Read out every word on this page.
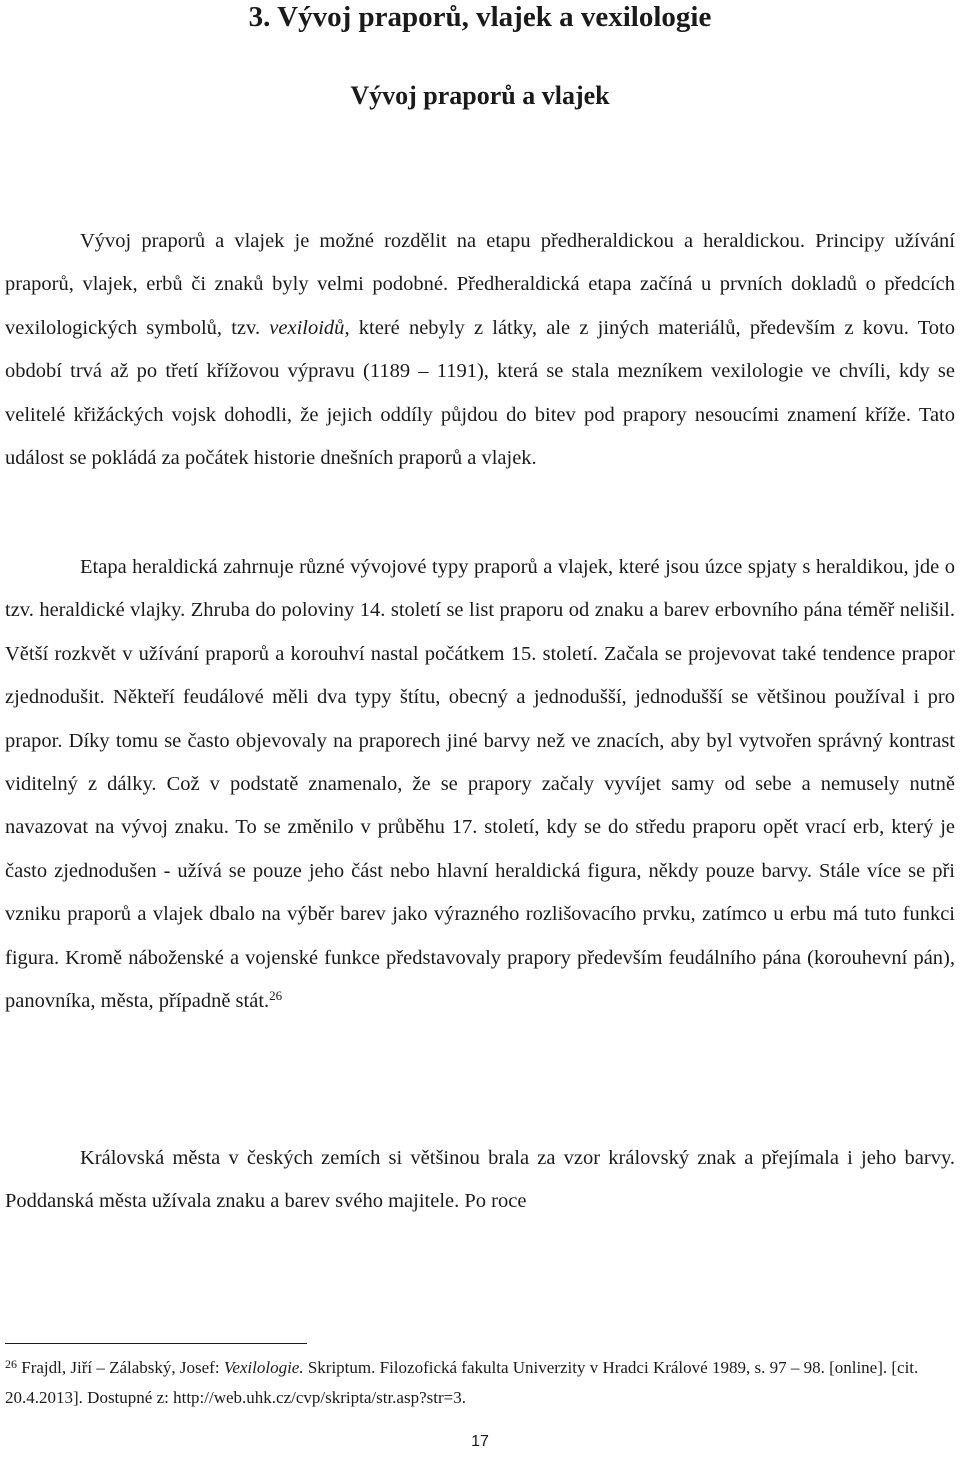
3. Vývoj praporů, vlajek a vexilologie
Vývoj praporů a vlajek

Vývoj praporů a vlajek je možné rozdělit na etapu předheraldickou a heraldickou. Principy užívání praporů, vlajek, erbů či znaků byly velmi podobné. Předheraldická etapa začíná u prvních dokladů o předcích vexilologických symbolů, tzv. vexiloidů, které nebyly z látky, ale z jiných materiálů, především z kovu. Toto období trvá až po třetí křížovou výpravu (1189 – 1191), která se stala mezníkem vexilologie ve chvíli, kdy se velitelé křižáckých vojsk dohodli, že jejich oddíly půjdou do bitev pod prapory nesoucími znamení kříže. Tato událost se pokládá za počátek historie dnešních praporů a vlajek.

Etapa heraldická zahrnuje různé vývojové typy praporů a vlajek, které jsou úzce spjaty s heraldikou, jde o tzv. heraldické vlajky. Zhruba do poloviny 14. století se list praporu od znaku a barev erbovního pána téměř nelišil. Větší rozkvět v užívání praporů a korouhví nastal počátkem 15. století. Začala se projevovat také tendence prapor zjednodušit. Někteří feudálové měli dva typy štítu, obecný a jednodušší, jednodušší se většinou používal i pro prapor. Díky tomu se často objevovaly na praporech jiné barvy než ve znacích, aby byl vytvořen správný kontrast viditelný z dálky. Což v podstatě znamenalo, že se prapory začaly vyvíjet samy od sebe a nemusely nutně navazovat na vývoj znaku. To se změnilo v průběhu 17. století, kdy se do středu praporu opět vrací erb, který je často zjednodušen - užívá se pouze jeho část nebo hlavní heraldická figura, někdy pouze barvy. Stále více se při vzniku praporů a vlajek dbalo na výběr barev jako výrazného rozlišovacího prvku, zatímco u erbu má tuto funkci figura. Kromě náboženské a vojenské funkce představovaly prapory především feudálního pána (korouhevní pán), panovníka, města, případně stát.$^{26}$

Královská města v českých zemích si většinou brala za vzor královský znak a přejímala i jeho barvy. Poddanská města užívala znaku a barev svého majitele. Po roce

$^{26}$ Frajdl, Jiří – Zálabský, Josef: Vexilologie. Skriptum. Filozofická fakulta Univerzity v Hradci Králové 1989, s. 97 – 98. [online]. [cit. 20.4.2013]. Dostupné z: http://web.uhk.cz/cvp/skripta/str.asp?str=3.

17
